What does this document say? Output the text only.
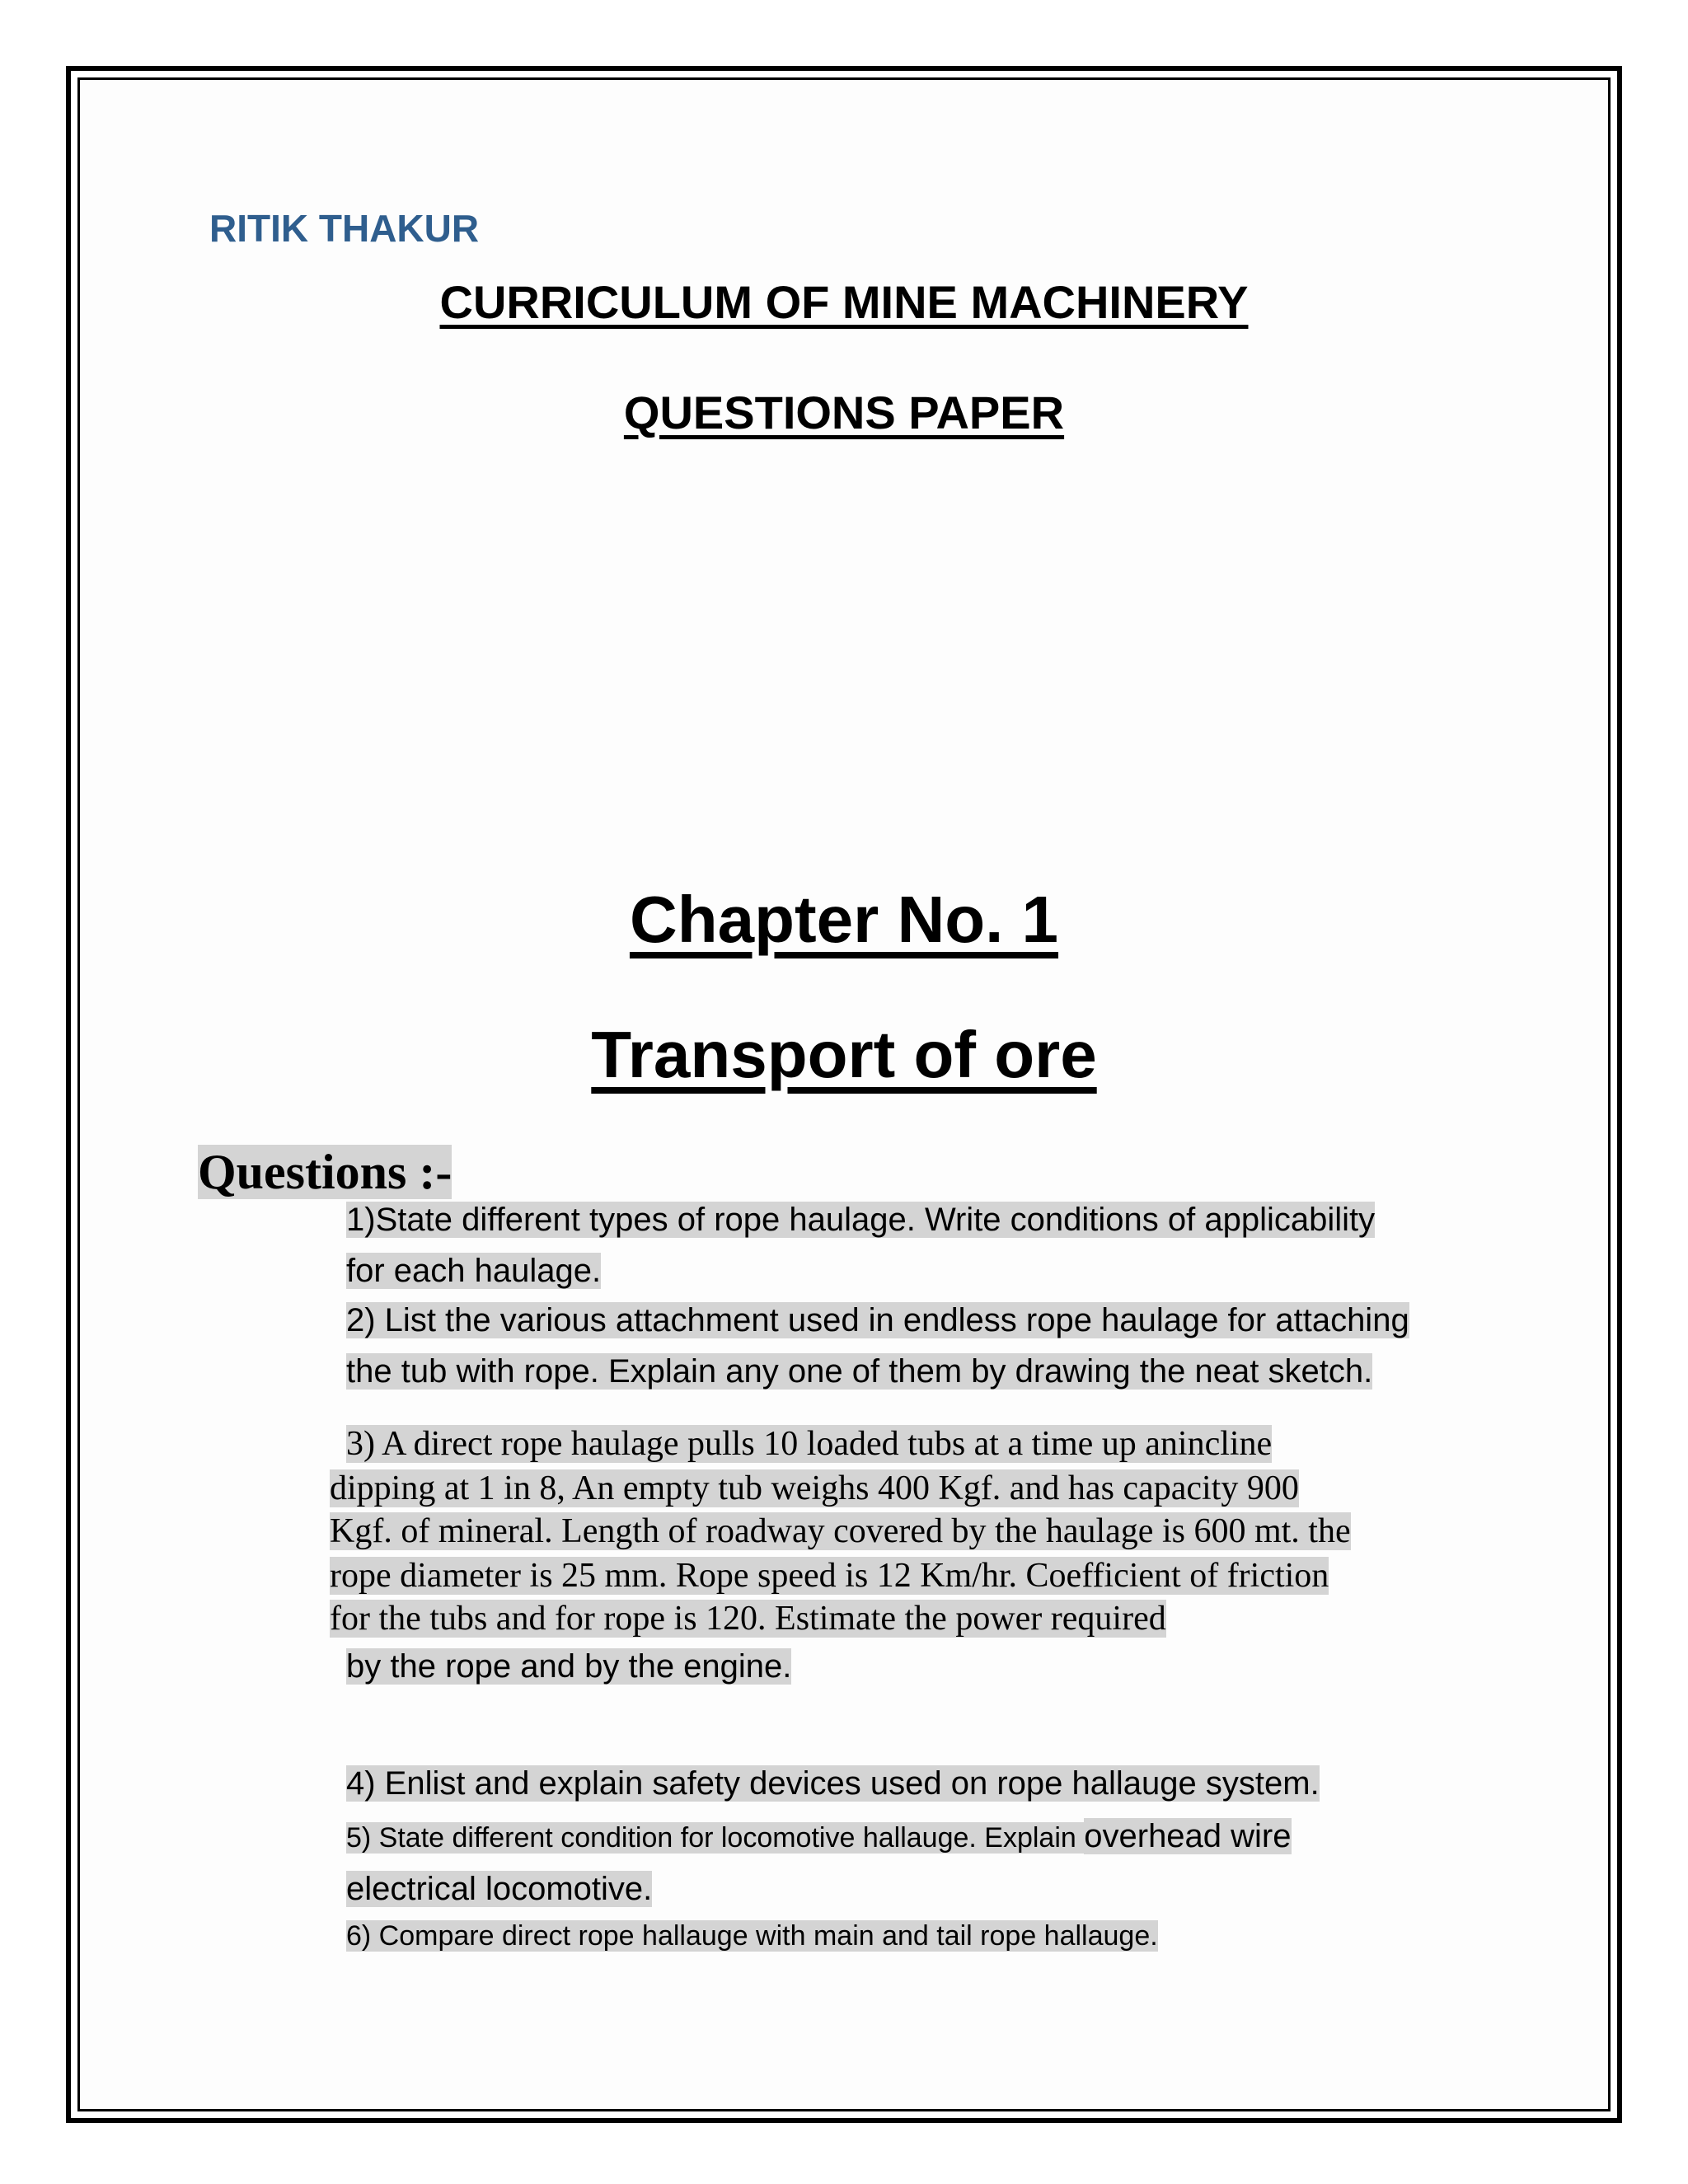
RITIK THAKUR

CURRICULUM OF MINE MACHINERY

QUESTIONS PAPER

Chapter No. 1

Transport of ore

Questions :-

1)State different types of rope haulage. Write conditions of applicability

for each haulage.

2) List the various attachment used in endless rope haulage for attaching

the tub with rope. Explain any one of them by drawing the neat sketch.

3) A direct rope haulage pulls 10 loaded tubs at a time up anincline

dipping at 1 in 8, An empty tub weighs 400 Kgf. and has capacity 900

Kgf. of mineral. Length of roadway covered by the haulage is 600 mt. the

rope diameter is 25 mm. Rope speed is 12 Km/hr. Coefficient of friction

for the tubs and for rope is 120. Estimate the power required

by the rope and by the engine.

4) Enlist and explain safety devices used on rope hallauge system.

5) State different condition for locomotive hallauge. Explain overhead wire

electrical locomotive.

6) Compare direct rope hallauge with main and tail rope hallauge.
